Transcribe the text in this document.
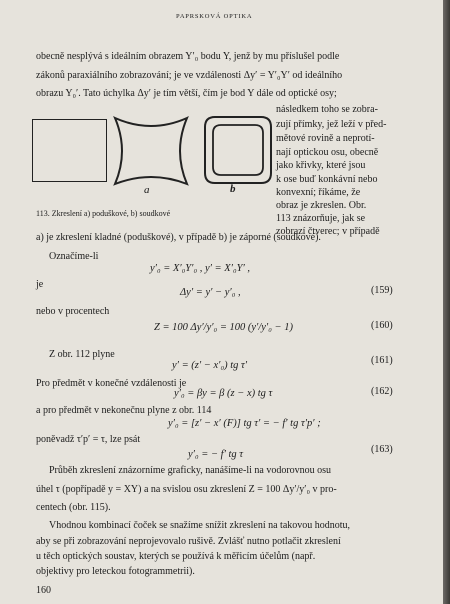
PAPRSKOVÁ OPTIKA
obecně nesplývá s ideálním obrazem Y′₀ bodu Y, jenž by mu příslušel podle
zákonů paraxiálního zobrazování; je ve vzdálenosti Δy′ = Y′₀Y′ od ideálního
obrazu Y₀′. Tato úchylka Δy′ je tím větší, čím je bod Y dále od optické osy;
a	b
113. Zkreslení a) poduškové, b) soudkové
následkem toho se zobra-
zují přímky, jež leží v před-
mětové rovině a neprotí-
nají optickou osu, obecně
jako křivky, které jsou
k ose buď konkávní nebo
konvexní; říkáme, že
obraz je zkreslen. Obr.
113 znázorňuje, jak se
zobrazí čtverec; v případě
a) je zkreslení kladné (poduškové), v případě b) je záporné (soudkové).
Označíme-li
y′₀ = X′₀Y′₀ , y′ = X′₀Y′ ,
je
Δy′ = y′ − y′₀ ,	(159)
nebo v procentech
Z = 100 Δy′/y′₀ = 100 (y′/y′₀ − 1)	(160)
Z obr. 112 plyne
y′ = (z′ − x′₀) tg τ′	(161)
Pro předmět v konečné vzdálenosti je
y′₀ = βy = β (z − x) tg τ	(162)
a pro předmět v nekonečnu plyne z obr. 114
y′₀ = [z′ − x′ (F)] tg τ′ = − f′ tg τ′p′ ;
poněvadž τ′p′ = τ, lze psát
y′₀ = − f′ tg τ	(163)
Průběh zkreslení znázorníme graficky, nanášíme-li na vodorovnou osu
úhel τ (popřípadě y = XY) a na svislou osu zkreslení Z = 100 Δy′/y′₀ v pro-
centech (obr. 115).
Vhodnou kombinací čoček se snažíme snížit zkreslení na takovou hodnotu,
aby se při zobrazování neprojevovalo rušivě. Zvlášť nutno potlačit zkreslení
u těch optických soustav, kterých se používá k měřicím účelům (např.
objektivy pro leteckou fotogrammetrii).
160
